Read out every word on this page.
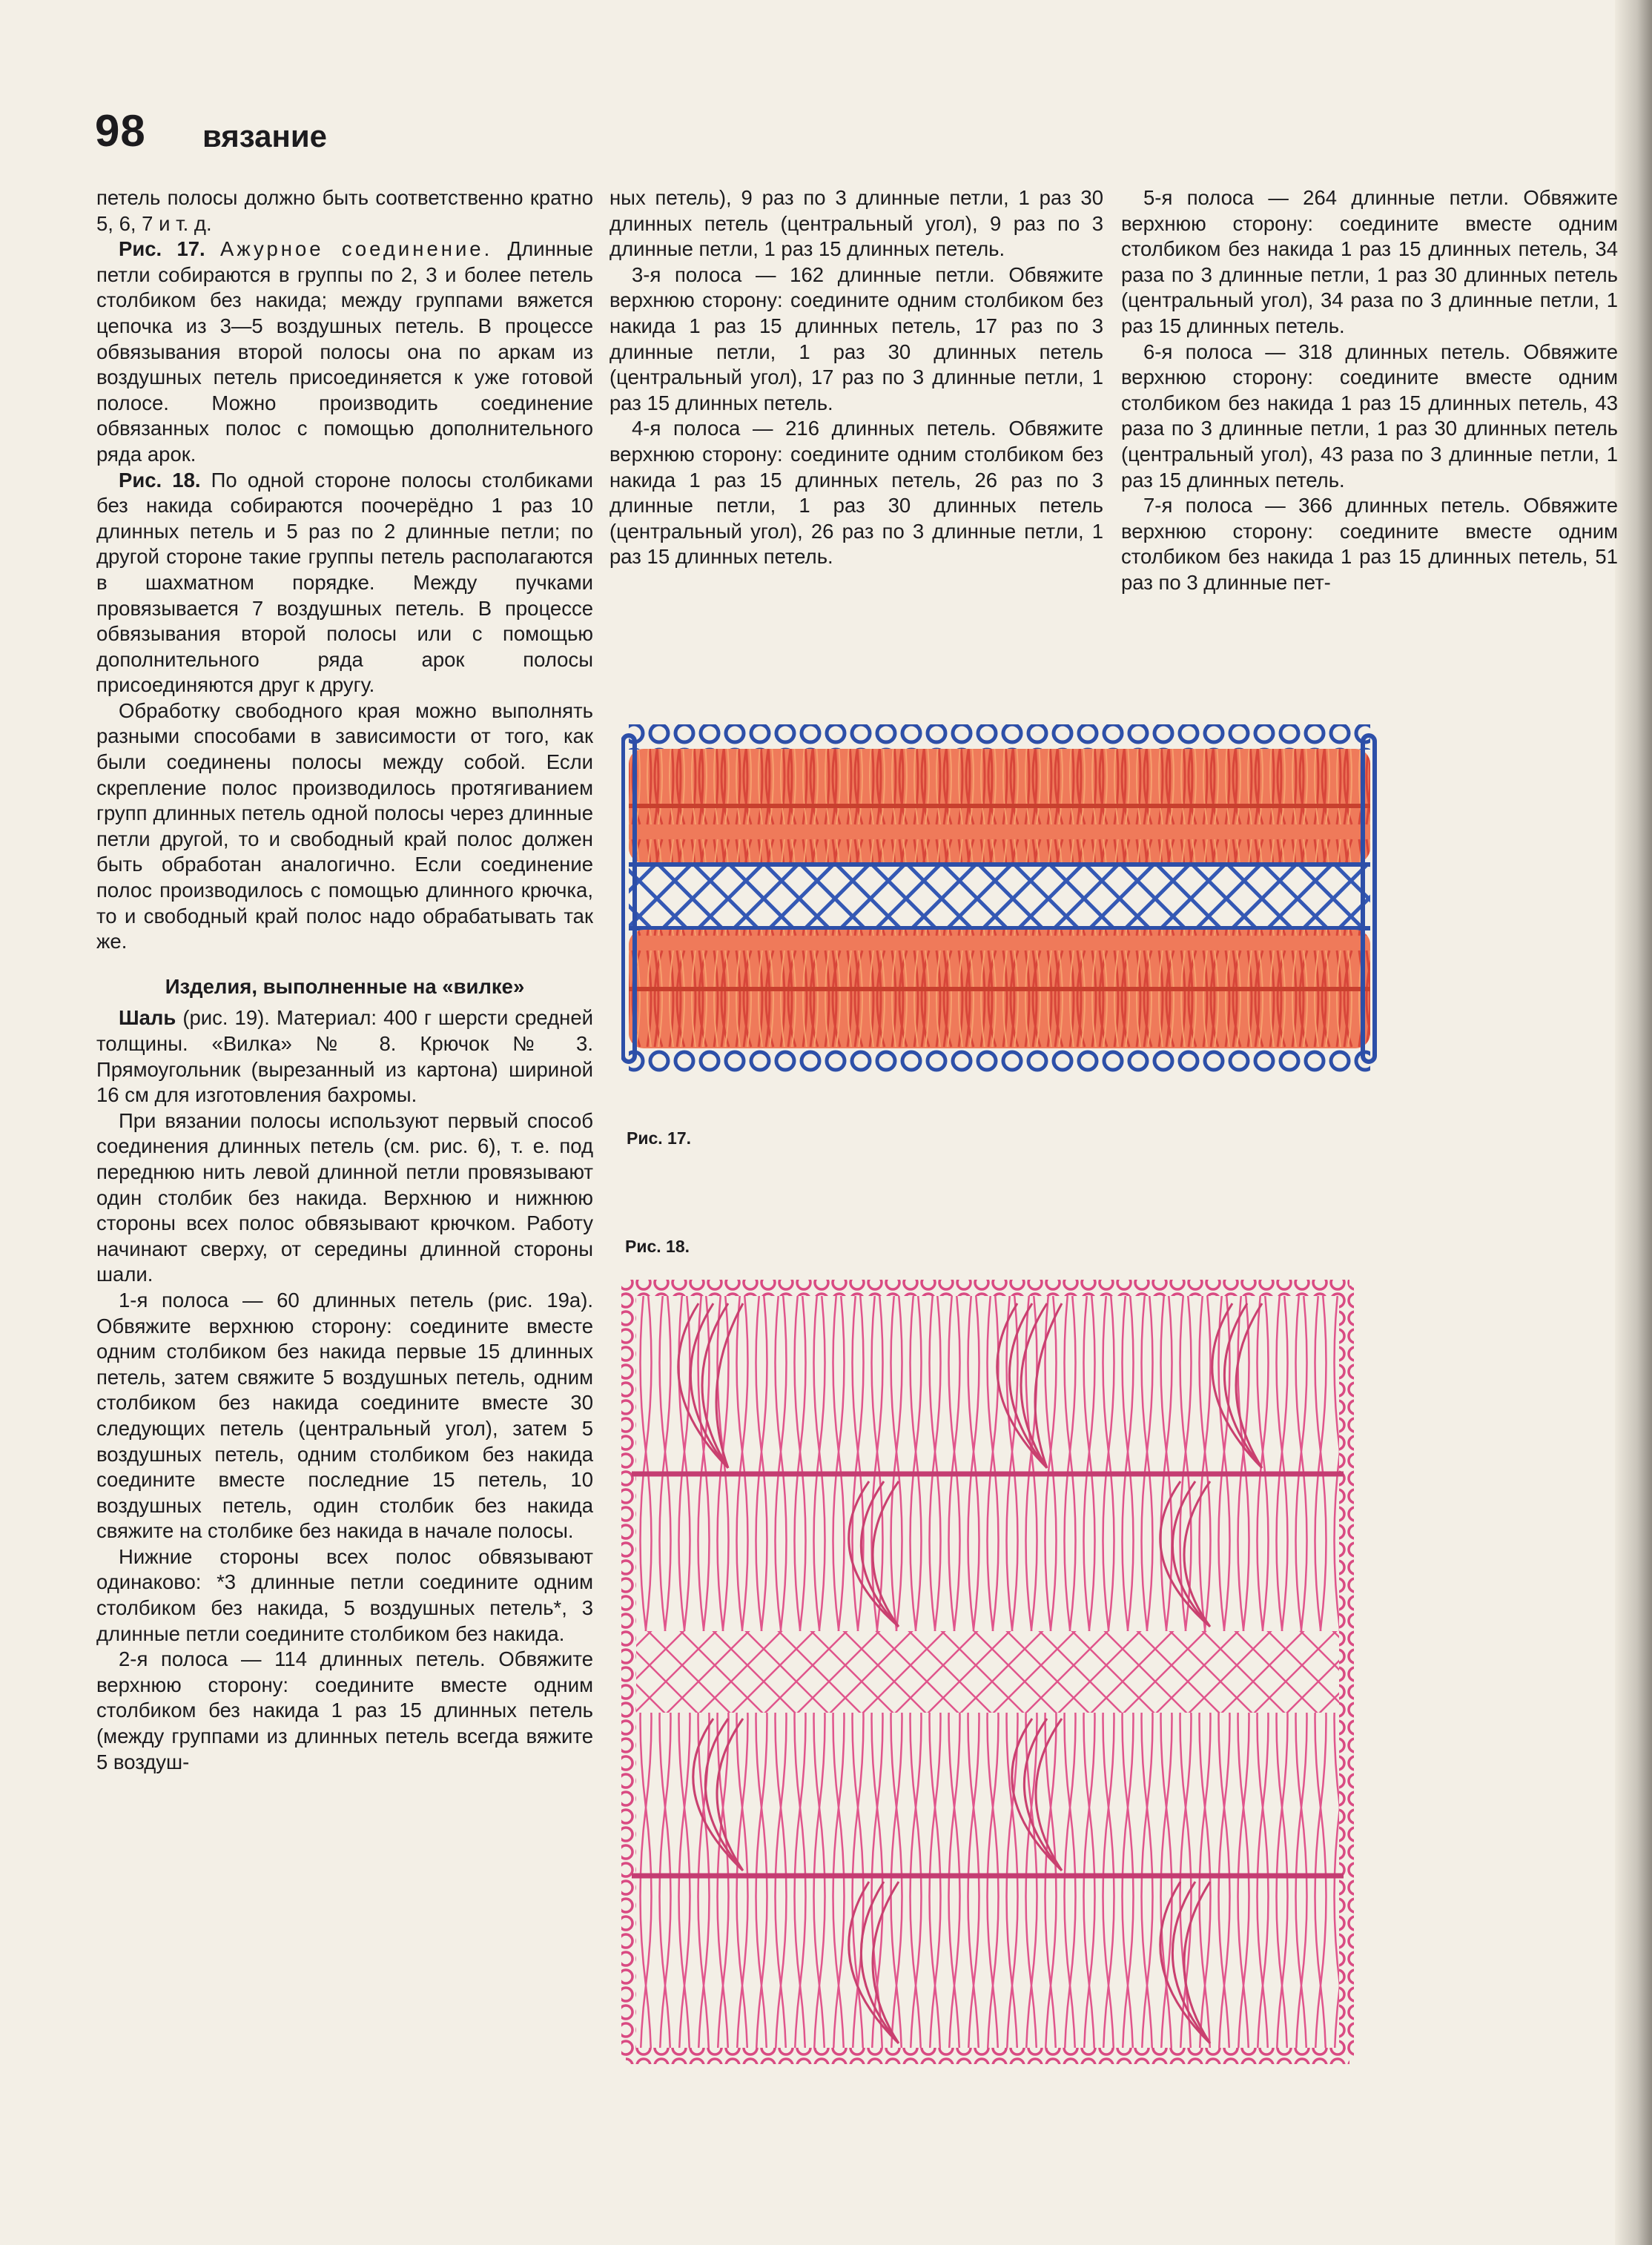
98 вязание

петель полосы должно быть соответственно кратно 5, 6, 7 и т. д.

Рис. 17. Ажурное соединение. Длинные петли собираются в группы по 2, 3 и более петель столбиком без накида; между группами вяжется цепочка из 3—5 воздушных петель. В процессе обвязывания второй полосы она по аркам из воздушных петель присоединяется к уже готовой полосе. Можно производить соединение обвязанных полос с помощью дополнительного ряда арок.

Рис. 18. По одной стороне полосы столбиками без накида собираются поочерёдно 1 раз 10 длинных петель и 5 раз по 2 длинные петли; по другой стороне такие группы петель располагаются в шахматном порядке. Между пучками провязывается 7 воздушных петель. В процессе обвязывания второй полосы или с помощью дополнительного ряда арок полосы присоединяются друг к другу.

Обработку свободного края можно выполнять разными способами в зависимости от того, как были соединены полосы между собой. Если скрепление полос производилось протягиванием групп длинных петель одной полосы через длинные петли другой, то и свободный край полос должен быть обработан аналогично. Если соединение полос производилось с помощью длинного крючка, то и свободный край полос надо обрабатывать так же.

Изделия, выполненные на «вилке»

Шаль (рис. 19). Материал: 400 г шерсти средней толщины. «Вилка» № 8. Крючок № 3. Прямоугольник (вырезанный из картона) шириной 16 см для изготовления бахромы.

При вязании полосы используют первый способ соединения длинных петель (см. рис. 6), т. е. под переднюю нить левой длинной петли провязывают один столбик без накида. Верхнюю и нижнюю стороны всех полос обвязывают крючком. Работу начинают сверху, от середины длинной стороны шали.

1-я полоса — 60 длинных петель (рис. 19а). Обвяжите верхнюю сторону: соедините вместе одним столбиком без накида первые 15 длинных петель, затем свяжите 5 воздушных петель, одним столбиком без накида соедините вместе 30 следующих петель (центральный угол), затем 5 воздушных петель, одним столбиком без накида соедините вместе последние 15 петель, 10 воздушных петель, один столбик без накида свяжите на столбике без накида в начале полосы.

Нижние стороны всех полос обвязывают одинаково: *3 длинные петли соедините одним столбиком без накида, 5 воздушных петель*, 3 длинные петли соедините столбиком без накида.

2-я полоса — 114 длинных петель. Обвяжите верхнюю сторону: соедините вместе одним столбиком без накида 1 раз 15 длинных петель (между группами из длинных петель всегда вяжите 5 воздуш-

ных петель), 9 раз по 3 длинные петли, 1 раз 30 длинных петель (центральный угол), 9 раз по 3 длинные петли, 1 раз 15 длинных петель.

3-я полоса — 162 длинные петли. Обвяжите верхнюю сторону: соедините одним столбиком без накида 1 раз 15 длинных петель, 17 раз по 3 длинные петли, 1 раз 30 длинных петель (центральный угол), 17 раз по 3 длинные петли, 1 раз 15 длинных петель.

4-я полоса — 216 длинных петель. Обвяжите верхнюю сторону: соедините одним столбиком без накида 1 раз 15 длинных петель, 26 раз по 3 длинные петли, 1 раз 30 длинных петель (центральный угол), 26 раз по 3 длинные петли, 1 раз 15 длинных петель.

5-я полоса — 264 длинные петли. Обвяжите верхнюю сторону: соедините вместе одним столбиком без накида 1 раз 15 длинных петель, 34 раза по 3 длинные петли, 1 раз 30 длинных петель (центральный угол), 34 раза по 3 длинные петли, 1 раз 15 длинных петель.

6-я полоса — 318 длинных петель. Обвяжите верхнюю сторону: соедините вместе одним столбиком без накида 1 раз 15 длинных петель, 43 раза по 3 длинные петли, 1 раз 30 длинных петель (центральный угол), 43 раза по 3 длинные петли, 1 раз 15 длинных петель.

7-я полоса — 366 длинных петель. Обвяжите верхнюю сторону: соедините вместе одним столбиком без накида 1 раз 15 длинных петель, 51 раз по 3 длинные пет-

Рис. 17.
Рис. 18.
